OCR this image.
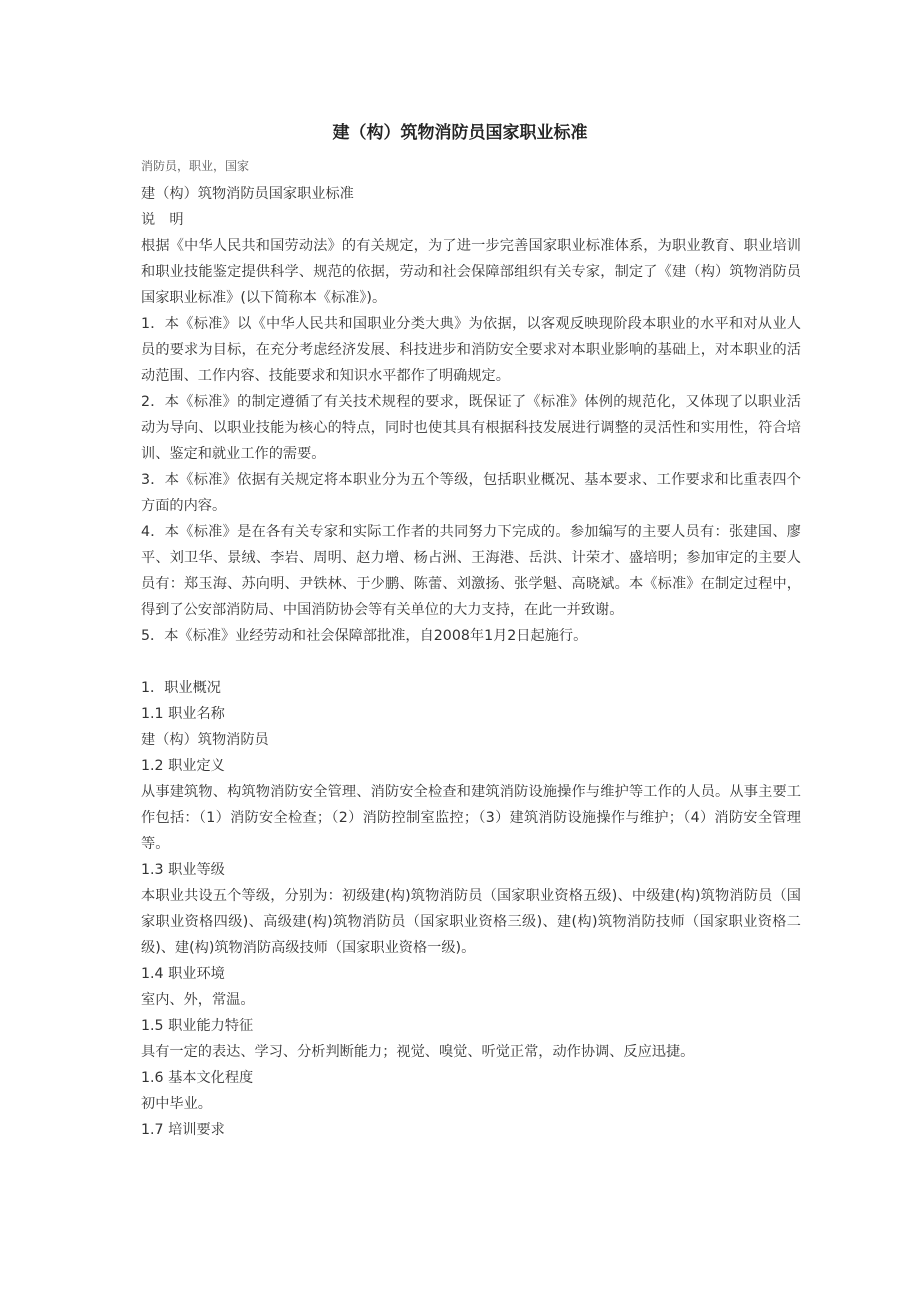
建（构）筑物消防员国家职业标准
消防员，职业，国家

建（构）筑物消防员国家职业标准

说　明

根据《中华人民共和国劳动法》的有关规定，为了进一步完善国家职业标准体系，为职业教育、职业培训和职业技能鉴定提供科学、规范的依据，劳动和社会保障部组织有关专家，制定了《建（构）筑物消防员国家职业标准》(以下简称本《标准》)。

1．本《标准》以《中华人民共和国职业分类大典》为依据，以客观反映现阶段本职业的水平和对从业人员的要求为目标，在充分考虑经济发展、科技进步和消防安全要求对本职业影响的基础上，对本职业的活动范围、工作内容、技能要求和知识水平都作了明确规定。

2．本《标准》的制定遵循了有关技术规程的要求，既保证了《标准》体例的规范化，又体现了以职业活动为导向、以职业技能为核心的特点，同时也使其具有根据科技发展进行调整的灵活性和实用性，符合培训、鉴定和就业工作的需要。

3．本《标准》依据有关规定将本职业分为五个等级，包括职业概况、基本要求、工作要求和比重表四个方面的内容。

4．本《标准》是在各有关专家和实际工作者的共同努力下完成的。参加编写的主要人员有：张建国、廖平、刘卫华、景绒、李岩、周明、赵力增、杨占洲、王海港、岳洪、计荣才、盛培明；参加审定的主要人员有：郑玉海、苏向明、尹铁林、于少鹏、陈蕾、刘激扬、张学魁、高晓斌。本《标准》在制定过程中，得到了公安部消防局、中国消防协会等有关单位的大力支持，在此一并致谢。

5．本《标准》业经劳动和社会保障部批准，自2008年1月2日起施行。

1．职业概况

1.1 职业名称

建（构）筑物消防员

1.2 职业定义

从事建筑物、构筑物消防安全管理、消防安全检查和建筑消防设施操作与维护等工作的人员。从事主要工作包括：（1）消防安全检查；（2）消防控制室监控；（3）建筑消防设施操作与维护；（4）消防安全管理等。

1.3 职业等级

本职业共设五个等级，分别为：初级建(构)筑物消防员（国家职业资格五级)、中级建(构)筑物消防员（国家职业资格四级)、高级建(构)筑物消防员（国家职业资格三级)、建(构)筑物消防技师（国家职业资格二级)、建(构)筑物消防高级技师（国家职业资格一级)。

1.4 职业环境

室内、外，常温。

1.5 职业能力特征

具有一定的表达、学习、分析判断能力；视觉、嗅觉、听觉正常，动作协调、反应迅捷。

1.6 基本文化程度

初中毕业。

1.7 培训要求
